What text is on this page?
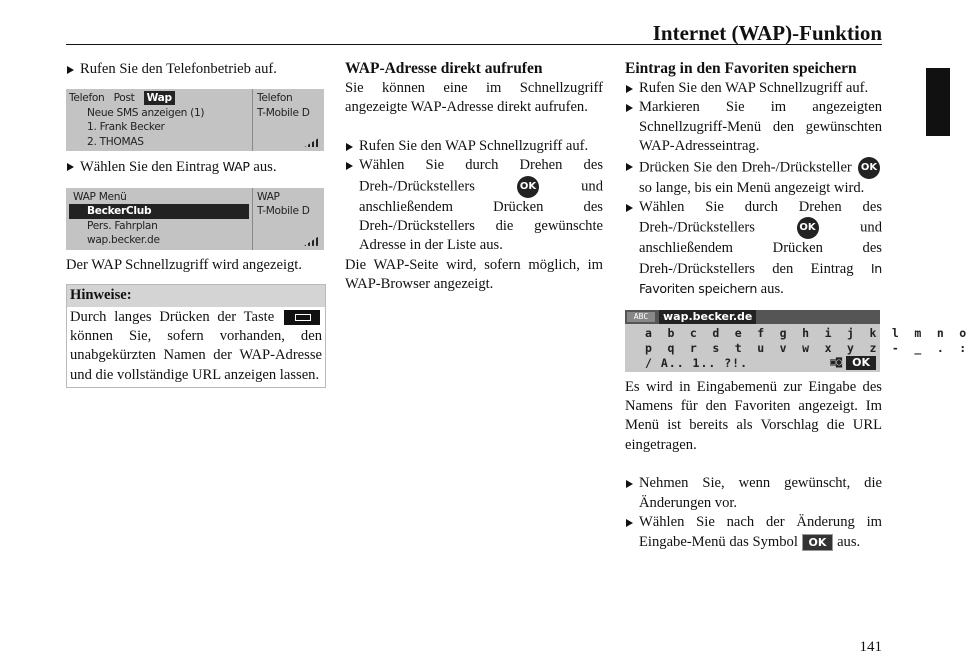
Internet (WAP)-Funktion

Rufen Sie den Telefonbetrieb auf.

Telefon Post Wap
Neue SMS anzeigen (1)
1. Frank Becker
2. THOMAS
Telefon
T-Mobile D

Wählen Sie den Eintrag WAP aus.

WAP Menü
BeckerClub
Pers. Fahrplan
wap.becker.de
WAP
T-Mobile D

Der WAP Schnellzugriff wird angezeigt.

Hinweise:
Durch langes Drücken der Taste  können Sie, sofern vorhanden, den unabgekürzten Namen der WAP-Adresse und die vollständige URL anzeigen lassen.

WAP-Adresse direkt aufrufen

Sie können eine im Schnellzugriff angezeigte WAP-Adresse direkt aufrufen.

Rufen Sie den WAP Schnellzugriff auf.

Wählen Sie durch Drehen des Dreh-/Drückstellers OK und anschließendem Drücken des Dreh-/Drückstellers die gewünschte Adresse in der Liste aus.

Die WAP-Seite wird, sofern möglich, im WAP-Browser angezeigt.

Eintrag in den Favoriten speichern

Rufen Sie den WAP Schnellzugriff auf.

Markieren Sie im angezeigten Schnellzugriff-Menü den gewünschten WAP-Adresseintrag.

Drücken Sie den Dreh-/Drücksteller OK so lange, bis ein Menü angezeigt wird.

Wählen Sie durch Drehen des Dreh-/Drückstellers OK und anschließendem Drücken des Dreh-/Drückstellers den Eintrag In Favoriten speichern aus.

ABC	wap.becker.de
a b c d e f g h i j k l m n o
p q r s t u v w x y z - _ . :
/ A.. 1.. ?!.	▣◙ OK

Es wird in Eingabemenü zur Eingabe des Namens für den Favoriten angezeigt. Im Menü ist bereits als Vorschlag die URL eingetragen.

Nehmen Sie, wenn gewünscht, die Änderungen vor.

Wählen Sie nach der Änderung im Eingabe-Menü das Symbol OK aus.

141
